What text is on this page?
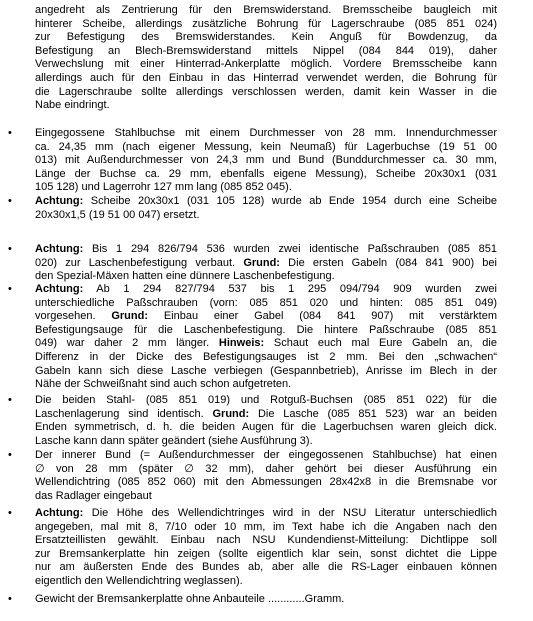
angedreht als Zentrierung für den Bremswiderstand. Bremsscheibe baugleich mit
hinterer Scheibe, allerdings zusätzliche Bohrung für Lagerschraube (085 851 024)
zur Befestigung des Bremswiderstandes. Kein Anguß für Bowdenzug, da
Befestigung an Blech-Bremswiderstand mittels Nippel (084 844 019), daher
Verwechslung mit einer Hinterrad-Ankerplatte möglich. Vordere Bremsscheibe kann
allerdings auch für den Einbau in das Hinterrad verwendet werden, die Bohrung für
die Lagerschraube sollte allerdings verschlossen werden, damit kein Wasser in die
Nabe eindringt.
•	Eingegossene Stahlbuchse mit einem Durchmesser von 28 mm. Innendurchmesser
ca. 24,35 mm (nach eigener Messung, kein Neumaß) für Lagerbuchse (19 51 00
013) mit Außendurchmesser von 24,3 mm und Bund (Bunddurchmesser ca. 30 mm,
Länge der Buchse ca. 29 mm, ebenfalls eigene Messung), Scheibe 20x30x1 (031
105 128) und Lagerrohr 127 mm lang (085 852 045).
•	Achtung: Scheibe 20x30x1 (031 105 128) wurde ab Ende 1954 durch eine Scheibe
20x30x1,5 (19 51 00 047) ersetzt.
•	Achtung: Bis 1 294 826/794 536 wurden zwei identische Paßschrauben (085 851
020) zur Laschenbefestigung verbaut. Grund: Die ersten Gabeln (084 841 900) bei
den Spezial-Mäxen hatten eine dünnere Laschenbefestigung.
•	Achtung: Ab 1 294 827/794 537 bis 1 295 094/794 909 wurden zwei
unterschiedliche Paßschrauben (vorn: 085 851 020 und hinten: 085 851 049)
vorgesehen. Grund: Einbau einer Gabel (084 841 907) mit verstärktem
Befestigungsauge für die Laschenbefestigung. Die hintere Paßschraube (085 851
049) war daher 2 mm länger. Hinweis: Schaut euch mal Eure Gabeln an, die
Differenz in der Dicke des Befestigungsauges ist 2 mm. Bei den „schwachen“
Gabeln kann sich diese Lasche verbiegen (Gespannbetrieb), Anrisse im Blech in der
Nähe der Schweißnaht sind auch schon aufgetreten.
•	Die beiden Stahl- (085 851 019) und Rotguß-Buchsen (085 851 022) für die
Laschenlagerung sind identisch. Grund: Die Lasche (085 851 523) war an beiden
Enden symmetrisch, d. h. die beiden Augen für die Lagerbuchsen waren gleich dick.
Lasche kann dann später geändert (siehe Ausführung 3).
•	Der innerer Bund (= Außendurchmesser der eingegossenen Stahlbuchse) hat einen
∅ von 28 mm (später ∅ 32 mm), daher gehört bei dieser Ausführung ein
Wellendichtring (085 852 060) mit den Abmessungen 28x42x8 in die Bremsnabe vor
das Radlager eingebaut
•	Achtung: Die Höhe des Wellendichtringes wird in der NSU Literatur unterschiedlich
angegeben, mal mit 8, 7/10 oder 10 mm, im Text habe ich die Angaben nach den
Ersatzteillisten gewählt. Einbau nach NSU Kundendienst-Mitteilung: Dichtlippe soll
zur Bremsankerplatte hin zeigen (sollte eigentlich klar sein, sonst dichtet die Lippe
nur am äußersten Ende des Bundes ab, aber alle die RS-Lager einbauen können
eigentlich den Wellendichtring weglassen).
•	Gewicht der Bremsankerplatte ohne Anbauteile ............Gramm.
